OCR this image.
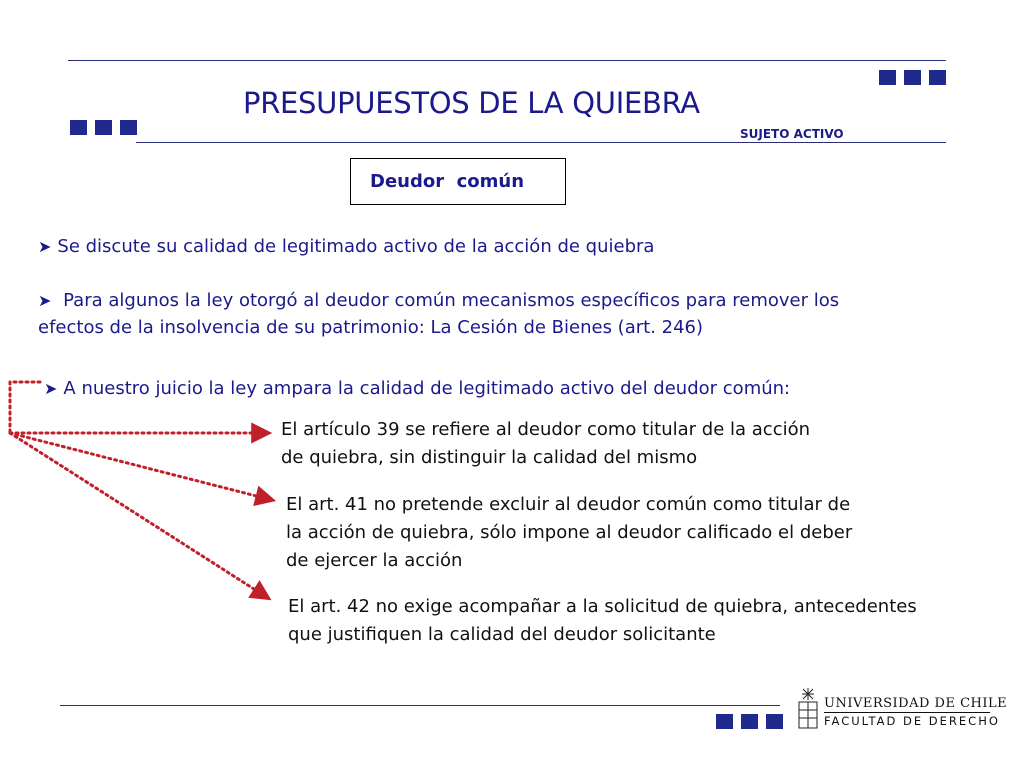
PRESUPUESTOS DE LA QUIEBRA
SUJETO ACTIVO
Deudor  común
➤ Se discute su calidad de legitimado activo de la acción de quiebra
➤ Para algunos la ley otorgó al deudor común mecanismos específicos para remover los
efectos de la insolvencia de su patrimonio: La Cesión de Bienes (art. 246)
➤ A nuestro juicio la ley ampara la calidad de legitimado activo del deudor común:
El artículo 39 se refiere al deudor como titular de la acción
de quiebra, sin distinguir la calidad del mismo
El art. 41 no pretende excluir al deudor común como titular de
la acción de quiebra, sólo impone al deudor calificado el deber
de ejercer la acción
El art. 42 no exige acompañar a la solicitud de quiebra, antecedentes
que justifiquen la calidad del deudor solicitante
UNIVERSIDAD DE CHILE
FACULTAD DE DERECHO
